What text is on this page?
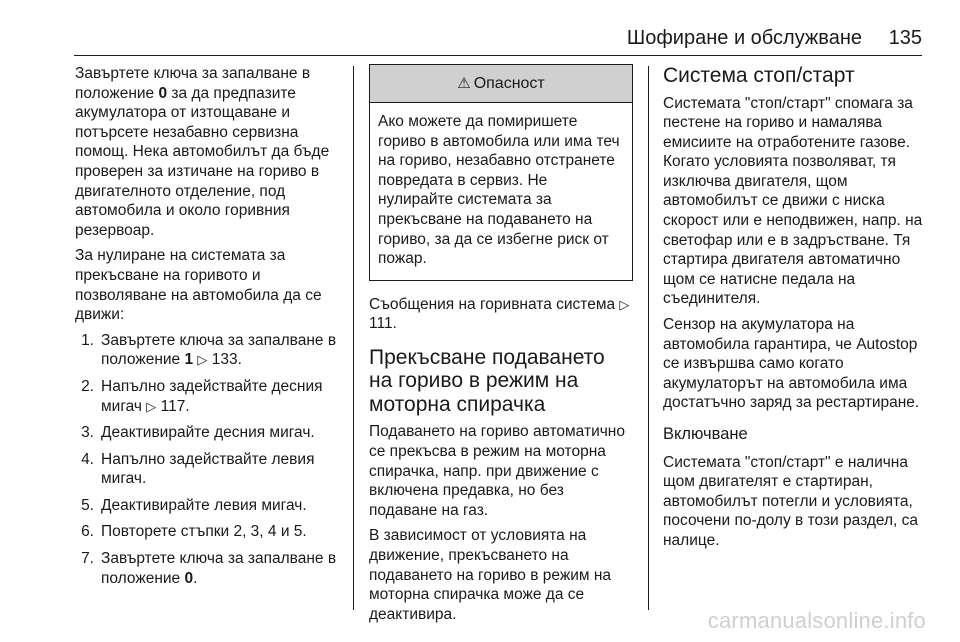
Шофиране и обслужване 135

Завъртете ключа за запалване в положение 0 за да предпазите акумулатора от изтощаване и потърсете незабавно сервизна помощ. Нека автомобилът да бъде проверен за изтичане на гориво в двигателното отделение, под автомобила и около горивния резервоар.

За нулиране на системата за прекъсване на горивото и позволяване на автомобила да се движи:

1. Завъртете ключа за запалване в положение 1 ▷ 133.
2. Напълно задействайте десния мигач ▷ 117.
3. Деактивирайте десния мигач.
4. Напълно задействайте левия мигач.
5. Деактивирайте левия мигач.
6. Повторете стъпки 2, 3, 4 и 5.
7. Завъртете ключа за запалване в положение 0.
⚠ Опасност
Ако можете да помиришете гориво в автомобила или има теч на гориво, незабавно отстранете повредата в сервиз. Не нулирайте системата за прекъсване на подаването на гориво, за да се избегне риск от пожар.

Съобщения на горивната система ▷ 111.

Прекъсване подаването на гориво в режим на моторна спирачка

Подаването на гориво автоматично се прекъсва в режим на моторна спирачка, напр. при движение с включена предавка, но без подаване на газ.

В зависимост от условията на движение, прекъсването на подаването на гориво в режим на моторна спирачка може да се деактивира.

Система стоп/старт

Системата "стоп/старт" спомага за пестене на гориво и намалява емисиите на отработените газове. Когато условията позволяват, тя изключва двигателя, щом автомобилът се движи с ниска скорост или е неподвижен, напр. на светофар или е в задръстване. Тя стартира двигателя автоматично щом се натисне педала на съединителя.

Сензор на акумулатора на автомобила гарантира, че Autostop се извършва само когато акумулаторът на автомобила има достатъчно заряд за рестартиране.

Включване

Системата "стоп/старт" е налична щом двигателят е стартиран, автомобилът потегли и условията, посочени по-долу в този раздел, са налице.

carmanualsonline.info
